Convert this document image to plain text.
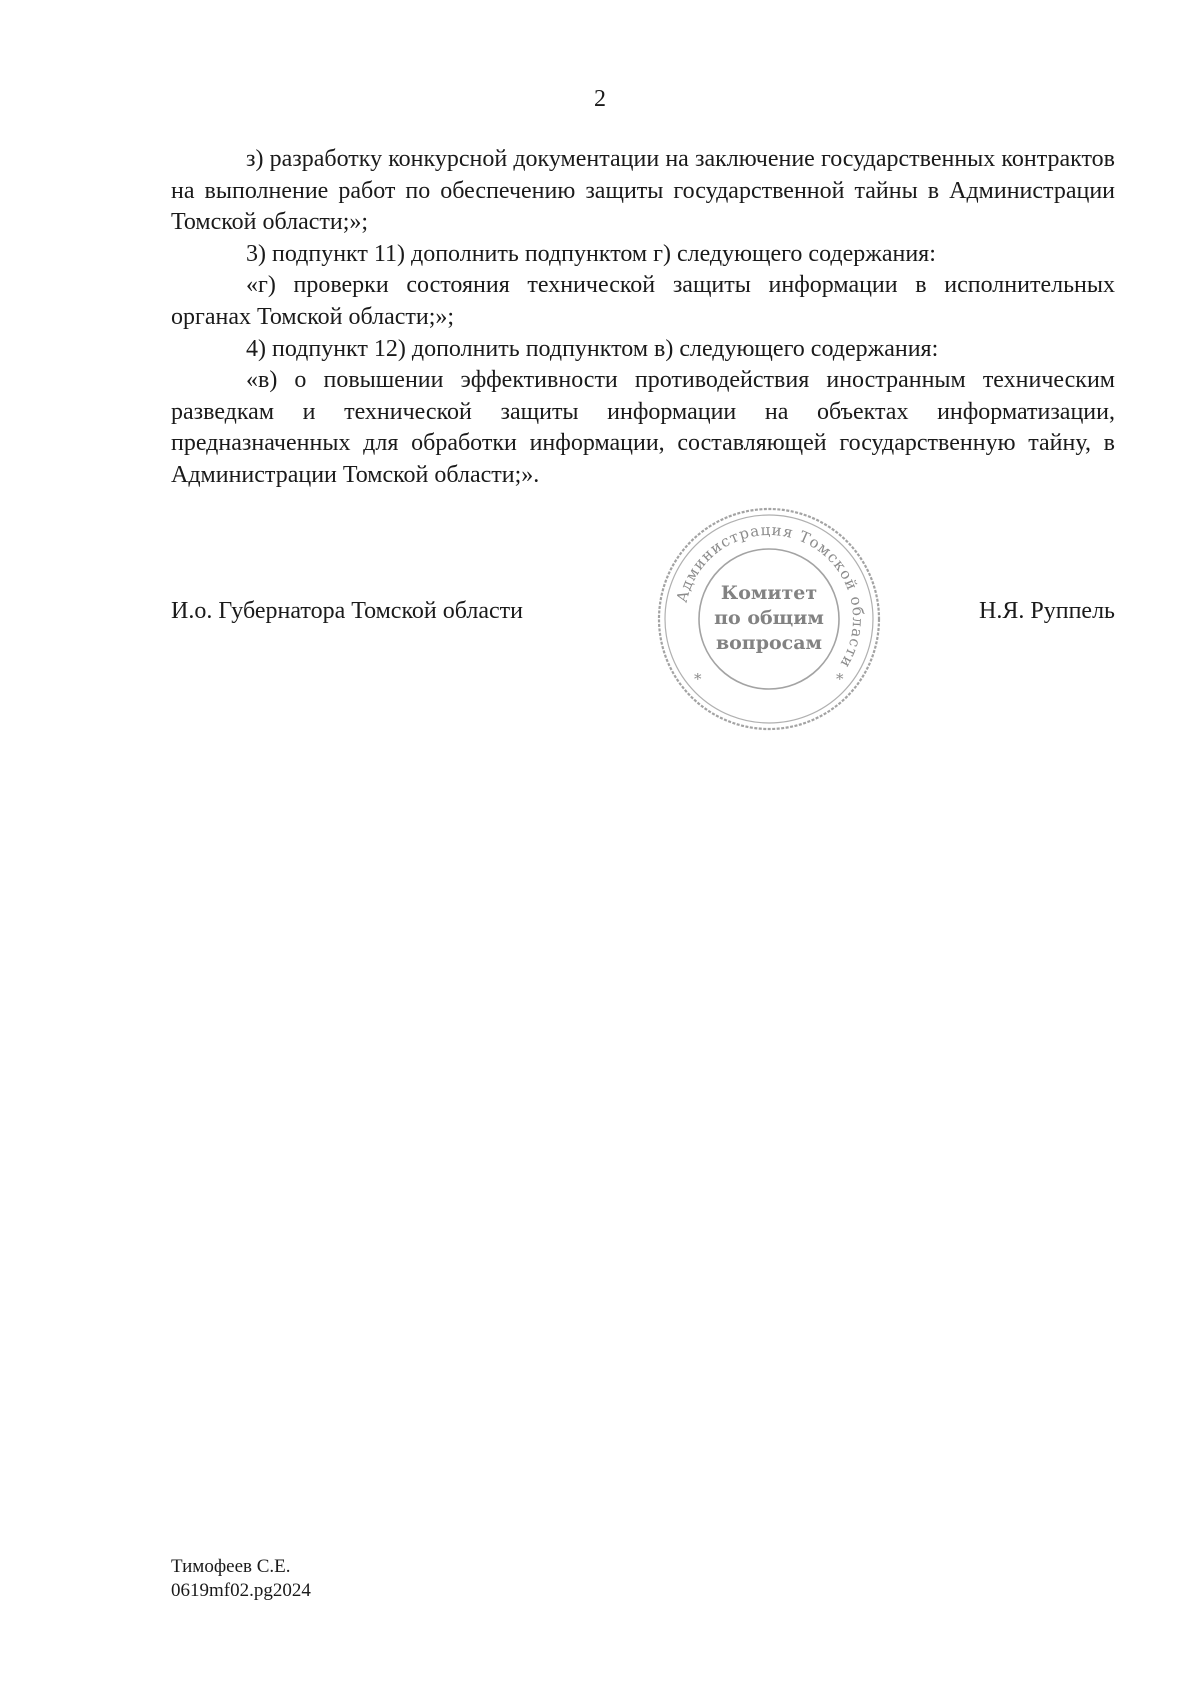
2

з) разработку конкурсной документации на заключение государственных контрактов на выполнение работ по обеспечению защиты государственной тайны в Администрации Томской области;»;

3) подпункт 11) дополнить подпунктом г) следующего содержания:

«г) проверки состояния технической защиты информации в исполнительных органах Томской области;»;

4) подпункт 12) дополнить подпунктом в) следующего содержания:

«в) о повышении эффективности противодействия иностранным техническим разведкам и технической защиты информации на объектах информатизации, предназначенных для обработки информации, составляющей государственную тайну, в Администрации Томской области;».

И.о. Губернатора Томской области
Администрация Томской области
*	*
Комитет
по общим
вопросам
Н.Я. Руппель
Тимофеев С.Е.
0619mf02.pg2024
